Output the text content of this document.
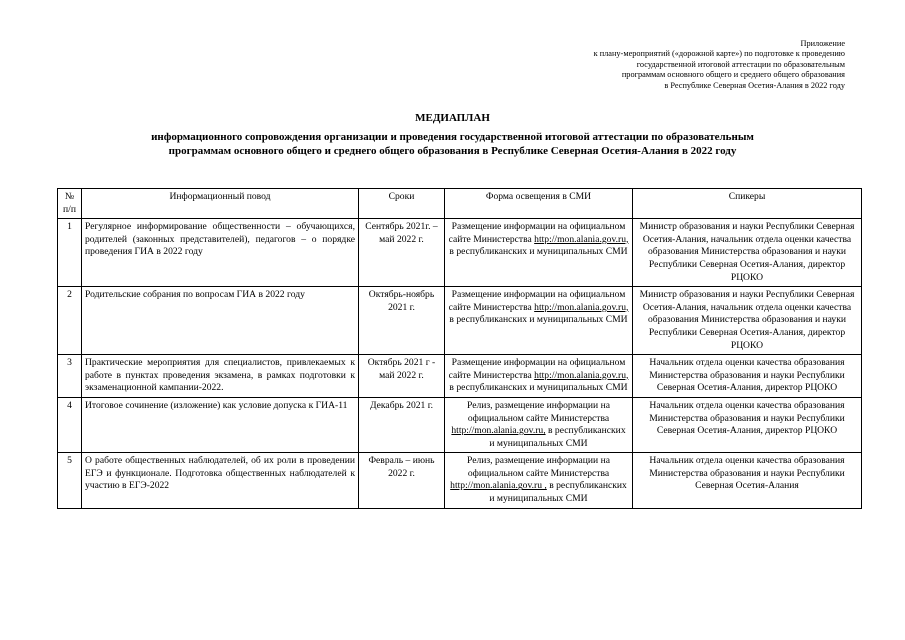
Приложение
к плану-мероприятий («дорожной карте») по подготовке к проведению
государственной итоговой аттестации по образовательным
программам основного общего и среднего общего образования
в Республике Северная Осетия-Алания в 2022 году
МЕДИАПЛАН
информационного сопровождения организации и проведения государственной итоговой аттестации по образовательным
программам основного общего и среднего общего образования в Республике Северная Осетия-Алания в 2022 году
№ п/п	Информационный повод	Сроки	Форма освещения в СМИ	Спикеры
1	Регулярное информирование общественности – обучающихся, родителей (законных представителей), педагогов – о порядке проведения ГИА в 2022 году	Сентябрь 2021г. – май 2022 г.	Размещение информации на официальном сайте Министерства http://mon.alania.gov.ru, в республиканских и муниципальных СМИ	Министр образования и науки Республики Северная Осетия-Алания, начальник отдела оценки качества образования Министерства образования и науки Республики Северная Осетия-Алания, директор РЦОКО
2	Родительские собрания по вопросам ГИА в 2022 году	Октябрь-ноябрь 2021 г.	Размещение информации на официальном сайте Министерства http://mon.alania.gov.ru, в республиканских и муниципальных СМИ	Министр образования и науки Республики Северная Осетия-Алания, начальник отдела оценки качества образования Министерства образования и науки Республики Северная Осетия-Алания, директор РЦОКО
3	Практические мероприятия для специалистов, привлекаемых к работе в пунктах проведения экзамена, в рамках подготовки к экзаменационной кампании-2022.	Октябрь 2021 г - май 2022 г.	Размещение информации на официальном сайте Министерства http://mon.alania.gov.ru, в республиканских и муниципальных СМИ	Начальник отдела оценки качества образования Министерства образования и науки Республики Северная Осетия-Алания, директор РЦОКО
4	Итоговое сочинение (изложение) как условие допуска к ГИА-11	Декабрь 2021 г.	Релиз, размещение информации на официальном сайте Министерства http://mon.alania.gov.ru, в республиканских и муниципальных СМИ	Начальник отдела оценки качества образования Министерства образования и науки Республики Северная Осетия-Алания, директор РЦОКО
5	О работе общественных наблюдателей, об их роли в проведении ЕГЭ и функционале. Подготовка общественных наблюдателей к участию в ЕГЭ-2022	Февраль – июнь 2022 г.	Релиз, размещение информации на официальном сайте Министерства http://mon.alania.gov.ru , в республиканских и муниципальных СМИ	Начальник отдела оценки качества образования Министерства образования и науки Республики Северная Осетия-Алания
